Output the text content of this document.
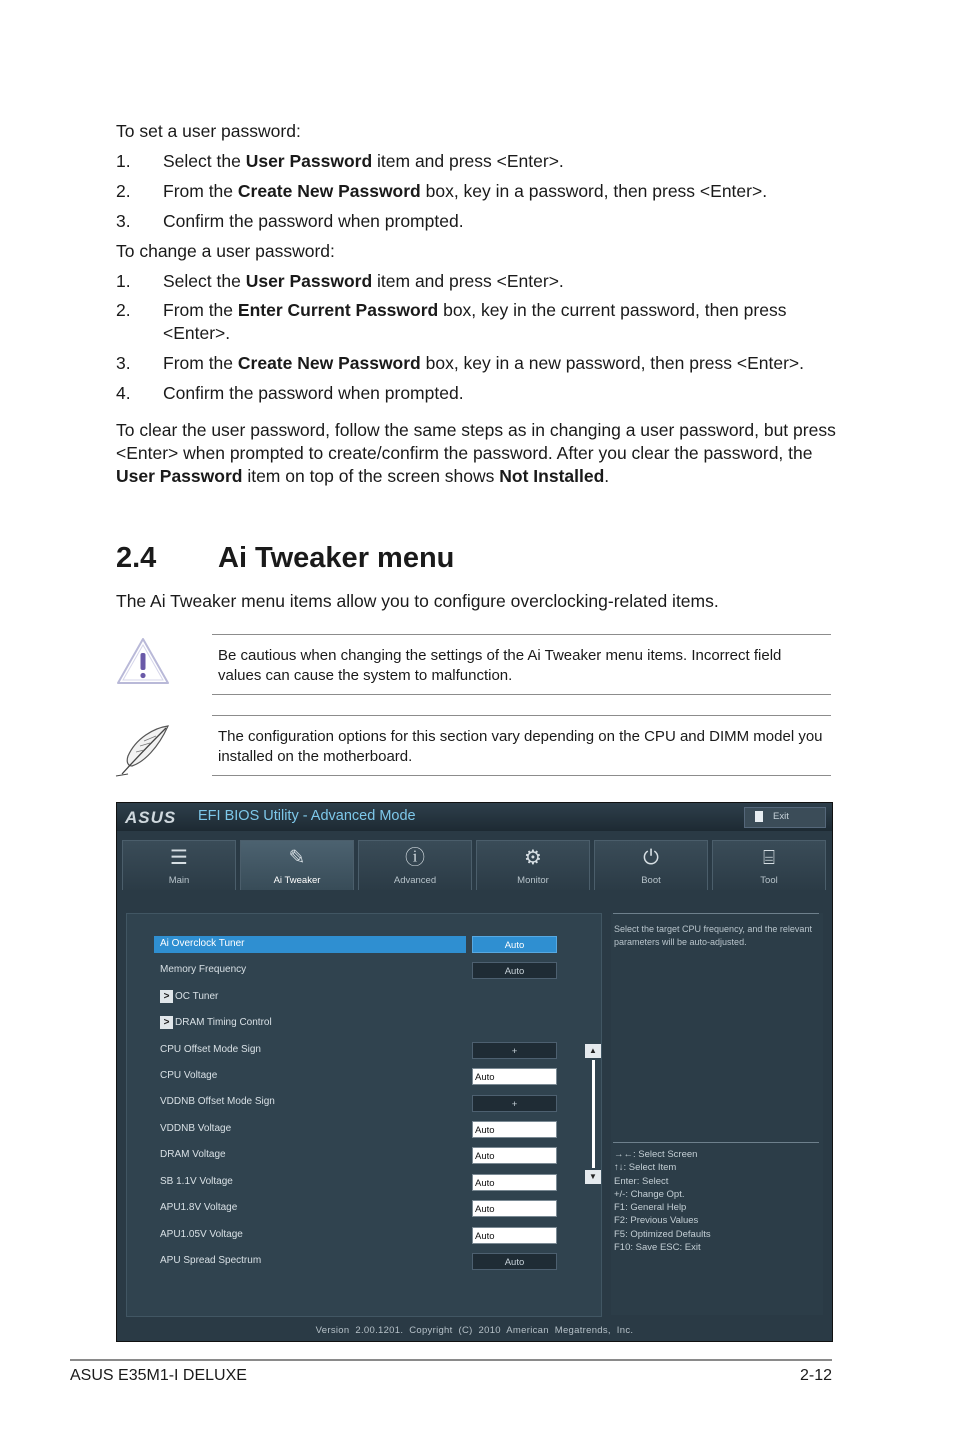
To set a user password:
1. Select the User Password item and press <Enter>.
2. From the Create New Password box, key in a password, then press <Enter>.
3. Confirm the password when prompted.
To change a user password:
1. Select the User Password item and press <Enter>.
2. From the Enter Current Password box, key in the current password, then press
<Enter>.
3. From the Create New Password box, key in a new password, then press <Enter>.
4. Confirm the password when prompted.
To clear the user password, follow the same steps as in changing a user password, but press
<Enter> when prompted to create/confirm the password. After you clear the password, the
User Password item on top of the screen shows Not Installed.
2.4 Ai Tweaker menu
The Ai Tweaker menu items allow you to configure overclocking-related items.
Be cautious when changing the settings of the Ai Tweaker menu items. Incorrect field
values can cause the system to malfunction.
The configuration options for this section vary depending on the CPU and DIMM model you
installed on the motherboard.
ASUS EFI BIOS Utility - Advanced Mode	Exit
☰
Main
✎
Ai Tweaker
ⓘ
Advanced
⚙
Monitor
⏻
Boot
⌸
Tool
Ai Overclock Tuner	Auto
Memory Frequency	Auto
> OC Tuner
> DRAM Timing Control
CPU Offset Mode Sign	+
CPU Voltage	Auto
VDDNB Offset Mode Sign	+
VDDNB Voltage	Auto
DRAM Voltage	Auto
SB 1.1V Voltage	Auto
APU1.8V Voltage	Auto
APU1.05V Voltage	Auto
APU Spread Spectrum	Auto
▲
▼
Select the target CPU frequency, and the relevant parameters will be auto-adjusted.
→←: Select Screen
↑↓: Select Item
Enter: Select
+/-: Change Opt.
F1: General Help
F2: Previous Values
F5: Optimized Defaults
F10: Save ESC: Exit
Version 2.00.1201. Copyright (C) 2010 American Megatrends, Inc.
ASUS E35M1-I DELUXE	2-12
